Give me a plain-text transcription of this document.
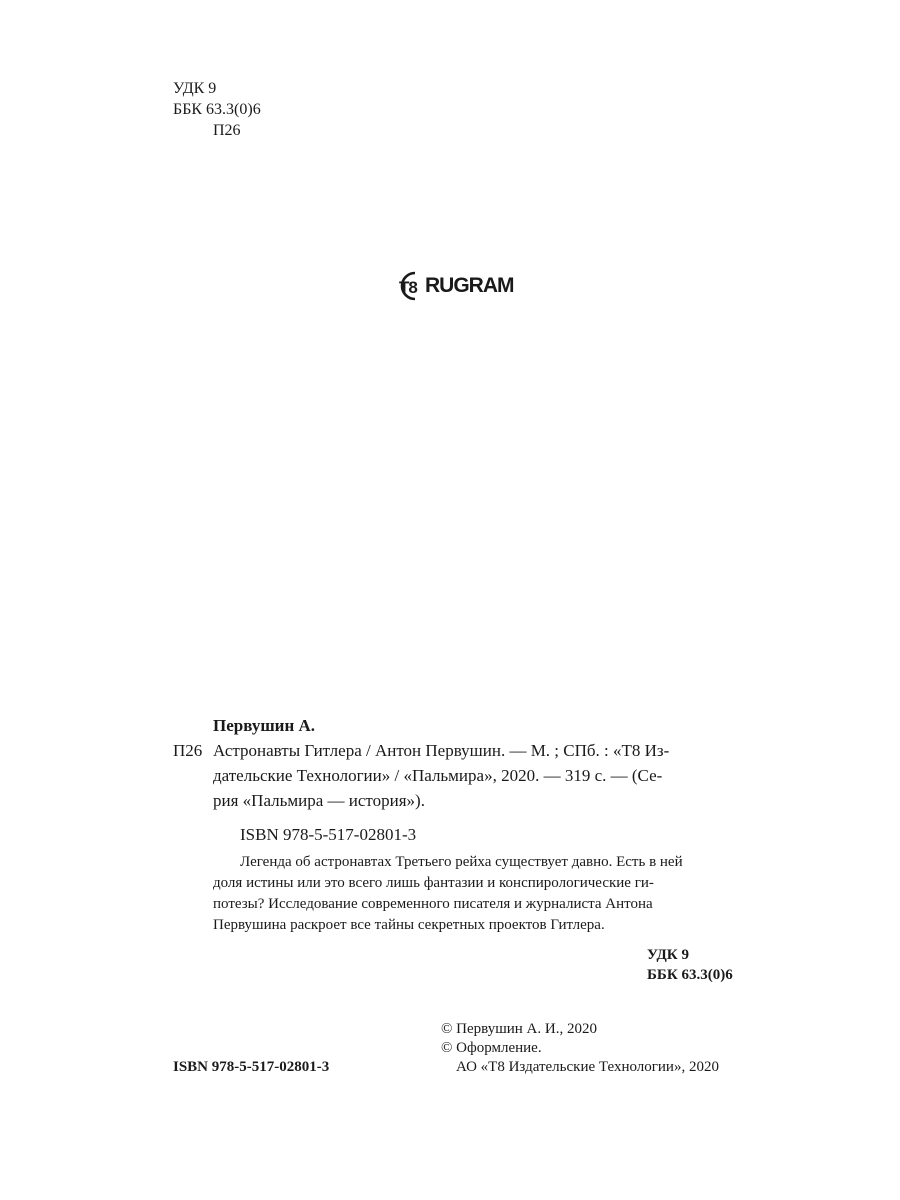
УДК 9
ББК 63.3(0)6
П26
T8 RUGRAM
Первушин А.
П26 Астронавты Гитлера / Антон Первушин. — М. ; СПб. : «Т8 Из-
дательские Технологии» / «Пальмира», 2020. — 319 с. — (Се-
рия «Пальмира — история»).
ISBN 978-5-517-02801-3
Легенда об астронавтах Третьего рейха существует давно. Есть в ней
доля истины или это всего лишь фантазии и конспирологические ги-
потезы? Исследование современного писателя и журналиста Антона
Первушина раскроет все тайны секретных проектов Гитлера.
УДК 9
ББК 63.3(0)6
ISBN 978-5-517-02801-3
© Первушин А. И., 2020
© Оформление.
АО «Т8 Издательские Технологии», 2020
